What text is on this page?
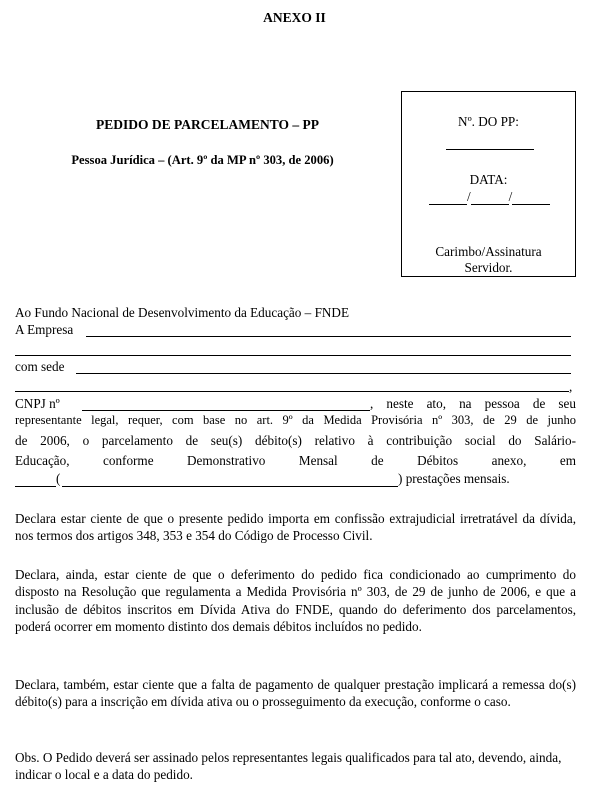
ANEXO II
PEDIDO DE PARCELAMENTO – PP
Pessoa Jurídica – (Art. 9º da MP nº 303, de 2006)
Nº. DO PP:
DATA:
/	/
Carimbo/Assinatura
Servidor.
Ao Fundo Nacional de Desenvolvimento da Educação – FNDE
A Empresa
com sede
,
CNPJ nº	, neste ato, na pessoa de seu
representante legal, requer, com base no art. 9º da Medida Provisória nº 303, de 29 de junho
de 2006, o parcelamento de seu(s) débito(s) relativo à contribuição social do Salário-
Educação,	conforme	Demonstrativo	Mensal	de	Débitos	anexo,	em
(	) prestações mensais.
Declara estar ciente de que o presente pedido importa em confissão extrajudicial irretratável da dívida, nos termos dos artigos 348, 353 e 354 do Código de Processo Civil.
Declara, ainda, estar ciente de que o deferimento do pedido fica condicionado ao cumprimento do disposto na Resolução que regulamenta a Medida Provisória nº 303, de 29 de junho de 2006, e que a inclusão de débitos inscritos em Dívida Ativa do FNDE, quando do deferimento dos parcelamentos, poderá ocorrer em momento distinto dos demais débitos incluídos no pedido.
Declara, também, estar ciente que a falta de pagamento de qualquer prestação implicará a remessa do(s) débito(s) para a inscrição em dívida ativa ou o prosseguimento da execução, conforme o caso.
Obs. O Pedido deverá ser assinado pelos representantes legais qualificados para tal ato, devendo, ainda, indicar o local e a data do pedido.
